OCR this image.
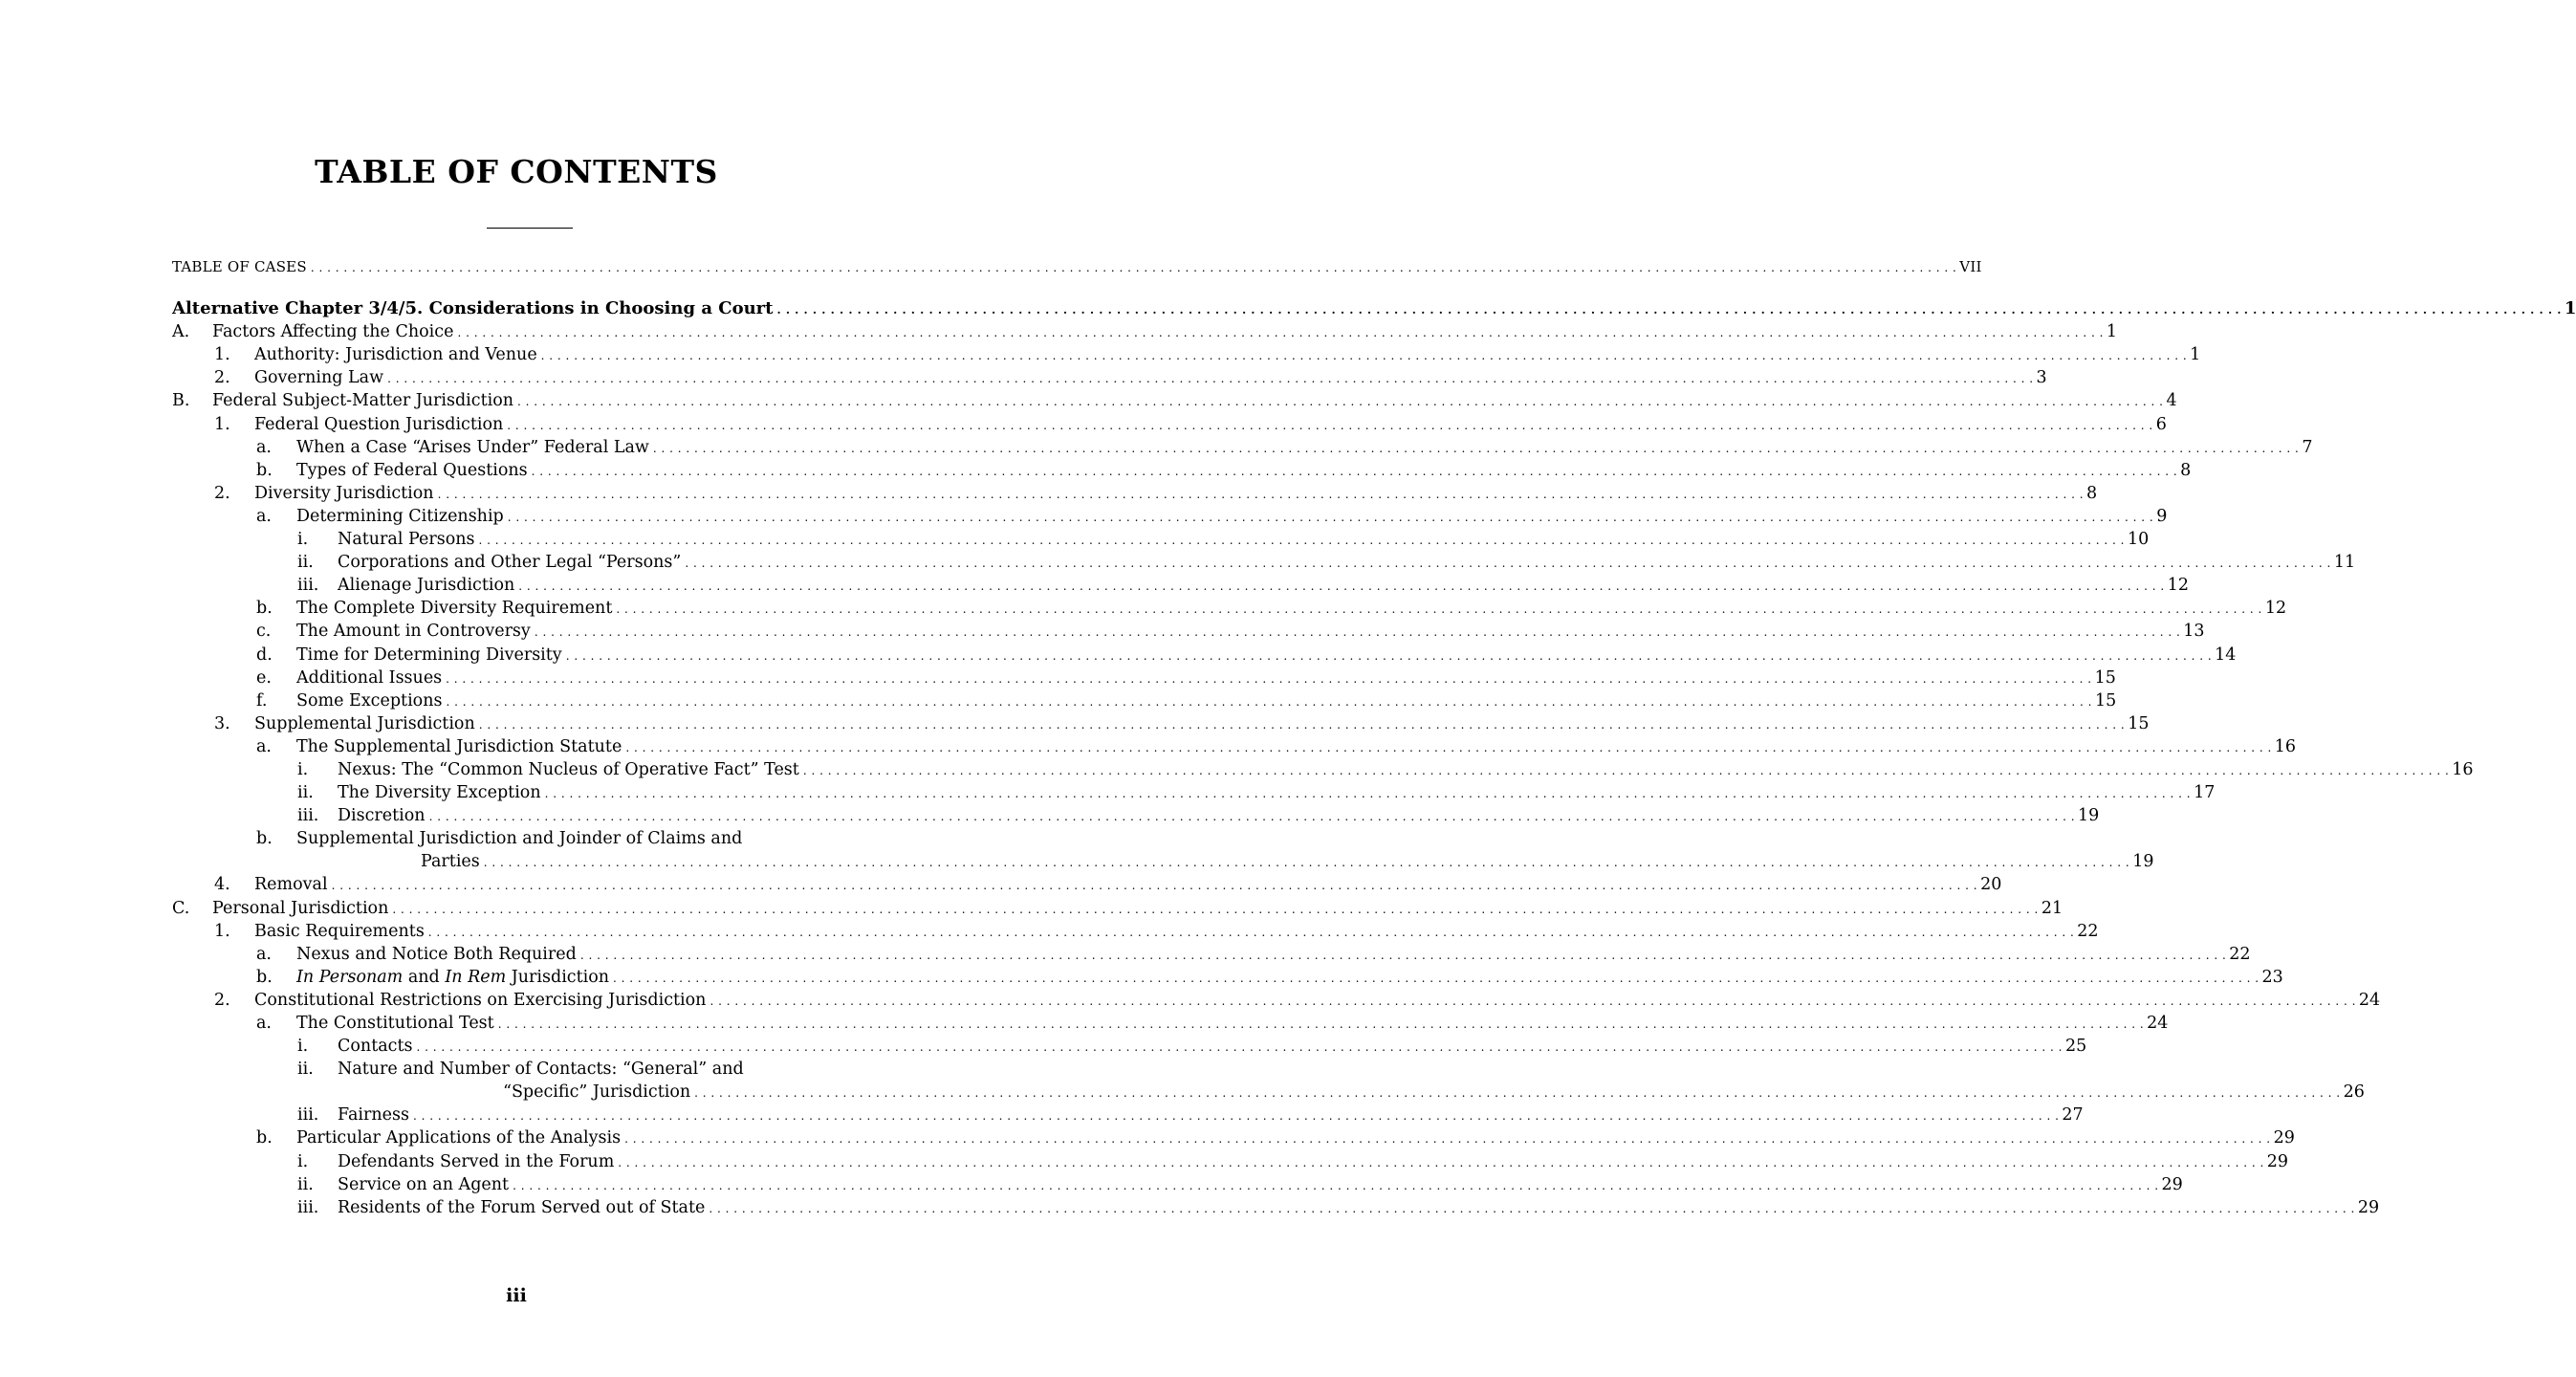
TABLE OF CONTENTS
TABLE OF CASES . . . . . . . . . . . . . . . . . . . . . . . . . . . . . . . . . . . . . . . . . . . . . . . . . . . . . . . . . . . . . . . . . . . . . . . . . . . . . . . . . . . . . . . . . . . . . . . . . . . . . . . . . . . . . . . . . . . . . . . . . . . . . . . . . . . . . . . . . . . . . . . . . . . . . . . . . . . . . . . . . . . . . . . . . . . . . . . . . . . . . . . . . . . . . . . . . . . . . . . . VII
Alternative Chapter 3/4/5. Considerations in Choosing a Court . . . . . . . . . . . . . . . . . . . . . . . . . . . . . . . . . . . . . . . . . . . . . . . . . . . . . . . . . . . . . . . . . . . . . . . . . . . . . . . . . . . . . . . . . . . . . . . . . . . . . . . . . . . . . . . . . . . . . . . . . . . . . . . . . . . . . . . . . . . . . . . . . . . . . . . . . . . . . . . . . . . . . . . . . . . . . . . . . . . . . . . . . . . . . . . . . . . . . . . . 1
A.	Factors Affecting the Choice . . . . . . . . . . . . . . . . . . . . . . . . . . . . . . . . . . . . . . . . . . . . . . . . . . . . . . . . . . . . . . . . . . . . . . . . . . . . . . . . . . . . . . . . . . . . . . . . . . . . . . . . . . . . . . . . . . . . . . . . . . . . . . . . . . . . . . . . . . . . . . . . . . . . . . . . . . . . . . . . . . . . . . . . . . . . . . . . . . . . . . . . . . . . . . . . . . . . . . . . 1
1.	Authority: Jurisdiction and Venue . . . . . . . . . . . . . . . . . . . . . . . . . . . . . . . . . . . . . . . . . . . . . . . . . . . . . . . . . . . . . . . . . . . . . . . . . . . . . . . . . . . . . . . . . . . . . . . . . . . . . . . . . . . . . . . . . . . . . . . . . . . . . . . . . . . . . . . . . . . . . . . . . . . . . . . . . . . . . . . . . . . . . . . . . . . . . . . . . . . . . . . . . . . . . . . . . . . . . . . . 1
2.	Governing Law . . . . . . . . . . . . . . . . . . . . . . . . . . . . . . . . . . . . . . . . . . . . . . . . . . . . . . . . . . . . . . . . . . . . . . . . . . . . . . . . . . . . . . . . . . . . . . . . . . . . . . . . . . . . . . . . . . . . . . . . . . . . . . . . . . . . . . . . . . . . . . . . . . . . . . . . . . . . . . . . . . . . . . . . . . . . . . . . . . . . . . . . . . . . . . . . . . . . . . . . 3
B.	Federal Subject-Matter Jurisdiction . . . . . . . . . . . . . . . . . . . . . . . . . . . . . . . . . . . . . . . . . . . . . . . . . . . . . . . . . . . . . . . . . . . . . . . . . . . . . . . . . . . . . . . . . . . . . . . . . . . . . . . . . . . . . . . . . . . . . . . . . . . . . . . . . . . . . . . . . . . . . . . . . . . . . . . . . . . . . . . . . . . . . . . . . . . . . . . . . . . . . . . . . . . . . . . . . . . . . . . . 4
1.	Federal Question Jurisdiction . . . . . . . . . . . . . . . . . . . . . . . . . . . . . . . . . . . . . . . . . . . . . . . . . . . . . . . . . . . . . . . . . . . . . . . . . . . . . . . . . . . . . . . . . . . . . . . . . . . . . . . . . . . . . . . . . . . . . . . . . . . . . . . . . . . . . . . . . . . . . . . . . . . . . . . . . . . . . . . . . . . . . . . . . . . . . . . . . . . . . . . . . . . . . . . . . . . . . . . . 6
a.	When a Case “Arises Under” Federal Law . . . . . . . . . . . . . . . . . . . . . . . . . . . . . . . . . . . . . . . . . . . . . . . . . . . . . . . . . . . . . . . . . . . . . . . . . . . . . . . . . . . . . . . . . . . . . . . . . . . . . . . . . . . . . . . . . . . . . . . . . . . . . . . . . . . . . . . . . . . . . . . . . . . . . . . . . . . . . . . . . . . . . . . . . . . . . . . . . . . . . . . . . . . . . . . . . . . . . . . . 7
b.	Types of Federal Questions . . . . . . . . . . . . . . . . . . . . . . . . . . . . . . . . . . . . . . . . . . . . . . . . . . . . . . . . . . . . . . . . . . . . . . . . . . . . . . . . . . . . . . . . . . . . . . . . . . . . . . . . . . . . . . . . . . . . . . . . . . . . . . . . . . . . . . . . . . . . . . . . . . . . . . . . . . . . . . . . . . . . . . . . . . . . . . . . . . . . . . . . . . . . . . . . . . . . . . . . 8
2.	Diversity Jurisdiction . . . . . . . . . . . . . . . . . . . . . . . . . . . . . . . . . . . . . . . . . . . . . . . . . . . . . . . . . . . . . . . . . . . . . . . . . . . . . . . . . . . . . . . . . . . . . . . . . . . . . . . . . . . . . . . . . . . . . . . . . . . . . . . . . . . . . . . . . . . . . . . . . . . . . . . . . . . . . . . . . . . . . . . . . . . . . . . . . . . . . . . . . . . . . . . . . . . . . . . . 8
a.	Determining Citizenship . . . . . . . . . . . . . . . . . . . . . . . . . . . . . . . . . . . . . . . . . . . . . . . . . . . . . . . . . . . . . . . . . . . . . . . . . . . . . . . . . . . . . . . . . . . . . . . . . . . . . . . . . . . . . . . . . . . . . . . . . . . . . . . . . . . . . . . . . . . . . . . . . . . . . . . . . . . . . . . . . . . . . . . . . . . . . . . . . . . . . . . . . . . . . . . . . . . . . . . . 9
i.	Natural Persons . . . . . . . . . . . . . . . . . . . . . . . . . . . . . . . . . . . . . . . . . . . . . . . . . . . . . . . . . . . . . . . . . . . . . . . . . . . . . . . . . . . . . . . . . . . . . . . . . . . . . . . . . . . . . . . . . . . . . . . . . . . . . . . . . . . . . . . . . . . . . . . . . . . . . . . . . . . . . . . . . . . . . . . . . . . . . . . . . . . . . . . . . . . . . . . . . . . . . . . . 10
ii.	Corporations and Other Legal “Persons” . . . . . . . . . . . . . . . . . . . . . . . . . . . . . . . . . . . . . . . . . . . . . . . . . . . . . . . . . . . . . . . . . . . . . . . . . . . . . . . . . . . . . . . . . . . . . . . . . . . . . . . . . . . . . . . . . . . . . . . . . . . . . . . . . . . . . . . . . . . . . . . . . . . . . . . . . . . . . . . . . . . . . . . . . . . . . . . . . . . . . . . . . . . . . . . . . . . . . . . . 11
iii.	Alienage Jurisdiction . . . . . . . . . . . . . . . . . . . . . . . . . . . . . . . . . . . . . . . . . . . . . . . . . . . . . . . . . . . . . . . . . . . . . . . . . . . . . . . . . . . . . . . . . . . . . . . . . . . . . . . . . . . . . . . . . . . . . . . . . . . . . . . . . . . . . . . . . . . . . . . . . . . . . . . . . . . . . . . . . . . . . . . . . . . . . . . . . . . . . . . . . . . . . . . . . . . . . . . . 12
b.	The Complete Diversity Requirement . . . . . . . . . . . . . . . . . . . . . . . . . . . . . . . . . . . . . . . . . . . . . . . . . . . . . . . . . . . . . . . . . . . . . . . . . . . . . . . . . . . . . . . . . . . . . . . . . . . . . . . . . . . . . . . . . . . . . . . . . . . . . . . . . . . . . . . . . . . . . . . . . . . . . . . . . . . . . . . . . . . . . . . . . . . . . . . . . . . . . . . . . . . . . . . . . . . . . . . . 12
c.	The Amount in Controversy . . . . . . . . . . . . . . . . . . . . . . . . . . . . . . . . . . . . . . . . . . . . . . . . . . . . . . . . . . . . . . . . . . . . . . . . . . . . . . . . . . . . . . . . . . . . . . . . . . . . . . . . . . . . . . . . . . . . . . . . . . . . . . . . . . . . . . . . . . . . . . . . . . . . . . . . . . . . . . . . . . . . . . . . . . . . . . . . . . . . . . . . . . . . . . . . . . . . . . . . 13
d.	Time for Determining Diversity . . . . . . . . . . . . . . . . . . . . . . . . . . . . . . . . . . . . . . . . . . . . . . . . . . . . . . . . . . . . . . . . . . . . . . . . . . . . . . . . . . . . . . . . . . . . . . . . . . . . . . . . . . . . . . . . . . . . . . . . . . . . . . . . . . . . . . . . . . . . . . . . . . . . . . . . . . . . . . . . . . . . . . . . . . . . . . . . . . . . . . . . . . . . . . . . . . . . . . . . 14
e.	Additional Issues . . . . . . . . . . . . . . . . . . . . . . . . . . . . . . . . . . . . . . . . . . . . . . . . . . . . . . . . . . . . . . . . . . . . . . . . . . . . . . . . . . . . . . . . . . . . . . . . . . . . . . . . . . . . . . . . . . . . . . . . . . . . . . . . . . . . . . . . . . . . . . . . . . . . . . . . . . . . . . . . . . . . . . . . . . . . . . . . . . . . . . . . . . . . . . . . . . . . . . . . 15
f.	Some Exceptions . . . . . . . . . . . . . . . . . . . . . . . . . . . . . . . . . . . . . . . . . . . . . . . . . . . . . . . . . . . . . . . . . . . . . . . . . . . . . . . . . . . . . . . . . . . . . . . . . . . . . . . . . . . . . . . . . . . . . . . . . . . . . . . . . . . . . . . . . . . . . . . . . . . . . . . . . . . . . . . . . . . . . . . . . . . . . . . . . . . . . . . . . . . . . . . . . . . . . . . . 15
3.	Supplemental Jurisdiction . . . . . . . . . . . . . . . . . . . . . . . . . . . . . . . . . . . . . . . . . . . . . . . . . . . . . . . . . . . . . . . . . . . . . . . . . . . . . . . . . . . . . . . . . . . . . . . . . . . . . . . . . . . . . . . . . . . . . . . . . . . . . . . . . . . . . . . . . . . . . . . . . . . . . . . . . . . . . . . . . . . . . . . . . . . . . . . . . . . . . . . . . . . . . . . . . . . . . . . . 15
a.	The Supplemental Jurisdiction Statute . . . . . . . . . . . . . . . . . . . . . . . . . . . . . . . . . . . . . . . . . . . . . . . . . . . . . . . . . . . . . . . . . . . . . . . . . . . . . . . . . . . . . . . . . . . . . . . . . . . . . . . . . . . . . . . . . . . . . . . . . . . . . . . . . . . . . . . . . . . . . . . . . . . . . . . . . . . . . . . . . . . . . . . . . . . . . . . . . . . . . . . . . . . . . . . . . . . . . . . . 16
i.	Nexus: The “Common Nucleus of Operative Fact” Test . . . . . . . . . . . . . . . . . . . . . . . . . . . . . . . . . . . . . . . . . . . . . . . . . . . . . . . . . . . . . . . . . . . . . . . . . . . . . . . . . . . . . . . . . . . . . . . . . . . . . . . . . . . . . . . . . . . . . . . . . . . . . . . . . . . . . . . . . . . . . . . . . . . . . . . . . . . . . . . . . . . . . . . . . . . . . . . . . . . . . . . . . . . . . . . . . . . . . . . . 16
ii.	The Diversity Exception . . . . . . . . . . . . . . . . . . . . . . . . . . . . . . . . . . . . . . . . . . . . . . . . . . . . . . . . . . . . . . . . . . . . . . . . . . . . . . . . . . . . . . . . . . . . . . . . . . . . . . . . . . . . . . . . . . . . . . . . . . . . . . . . . . . . . . . . . . . . . . . . . . . . . . . . . . . . . . . . . . . . . . . . . . . . . . . . . . . . . . . . . . . . . . . . . . . . . . . . 17
iii.	Discretion . . . . . . . . . . . . . . . . . . . . . . . . . . . . . . . . . . . . . . . . . . . . . . . . . . . . . . . . . . . . . . . . . . . . . . . . . . . . . . . . . . . . . . . . . . . . . . . . . . . . . . . . . . . . . . . . . . . . . . . . . . . . . . . . . . . . . . . . . . . . . . . . . . . . . . . . . . . . . . . . . . . . . . . . . . . . . . . . . . . . . . . . . . . . . . . . . . . . . . . . 19
b.	Supplemental Jurisdiction and Joinder of Claims and
Parties . . . . . . . . . . . . . . . . . . . . . . . . . . . . . . . . . . . . . . . . . . . . . . . . . . . . . . . . . . . . . . . . . . . . . . . . . . . . . . . . . . . . . . . . . . . . . . . . . . . . . . . . . . . . . . . . . . . . . . . . . . . . . . . . . . . . . . . . . . . . . . . . . . . . . . . . . . . . . . . . . . . . . . . . . . . . . . . . . . . . . . . . . . . . . . . . . . . . . . . . 19
4.	Removal . . . . . . . . . . . . . . . . . . . . . . . . . . . . . . . . . . . . . . . . . . . . . . . . . . . . . . . . . . . . . . . . . . . . . . . . . . . . . . . . . . . . . . . . . . . . . . . . . . . . . . . . . . . . . . . . . . . . . . . . . . . . . . . . . . . . . . . . . . . . . . . . . . . . . . . . . . . . . . . . . . . . . . . . . . . . . . . . . . . . . . . . . . . . . . . . . . . . . . . . 20
C.	Personal Jurisdiction . . . . . . . . . . . . . . . . . . . . . . . . . . . . . . . . . . . . . . . . . . . . . . . . . . . . . . . . . . . . . . . . . . . . . . . . . . . . . . . . . . . . . . . . . . . . . . . . . . . . . . . . . . . . . . . . . . . . . . . . . . . . . . . . . . . . . . . . . . . . . . . . . . . . . . . . . . . . . . . . . . . . . . . . . . . . . . . . . . . . . . . . . . . . . . . . . . . . . . . . 21
1.	Basic Requirements . . . . . . . . . . . . . . . . . . . . . . . . . . . . . . . . . . . . . . . . . . . . . . . . . . . . . . . . . . . . . . . . . . . . . . . . . . . . . . . . . . . . . . . . . . . . . . . . . . . . . . . . . . . . . . . . . . . . . . . . . . . . . . . . . . . . . . . . . . . . . . . . . . . . . . . . . . . . . . . . . . . . . . . . . . . . . . . . . . . . . . . . . . . . . . . . . . . . . . . . 22
a.	Nexus and Notice Both Required . . . . . . . . . . . . . . . . . . . . . . . . . . . . . . . . . . . . . . . . . . . . . . . . . . . . . . . . . . . . . . . . . . . . . . . . . . . . . . . . . . . . . . . . . . . . . . . . . . . . . . . . . . . . . . . . . . . . . . . . . . . . . . . . . . . . . . . . . . . . . . . . . . . . . . . . . . . . . . . . . . . . . . . . . . . . . . . . . . . . . . . . . . . . . . . . . . . . . . . . 22
b.	In Personam and In Rem Jurisdiction . . . . . . . . . . . . . . . . . . . . . . . . . . . . . . . . . . . . . . . . . . . . . . . . . . . . . . . . . . . . . . . . . . . . . . . . . . . . . . . . . . . . . . . . . . . . . . . . . . . . . . . . . . . . . . . . . . . . . . . . . . . . . . . . . . . . . . . . . . . . . . . . . . . . . . . . . . . . . . . . . . . . . . . . . . . . . . . . . . . . . . . . . . . . . . . . . . . . . . . . 23
2.	Constitutional Restrictions on Exercising Jurisdiction . . . . . . . . . . . . . . . . . . . . . . . . . . . . . . . . . . . . . . . . . . . . . . . . . . . . . . . . . . . . . . . . . . . . . . . . . . . . . . . . . . . . . . . . . . . . . . . . . . . . . . . . . . . . . . . . . . . . . . . . . . . . . . . . . . . . . . . . . . . . . . . . . . . . . . . . . . . . . . . . . . . . . . . . . . . . . . . . . . . . . . . . . . . . . . . . . . . . . . . . 24
a.	The Constitutional Test . . . . . . . . . . . . . . . . . . . . . . . . . . . . . . . . . . . . . . . . . . . . . . . . . . . . . . . . . . . . . . . . . . . . . . . . . . . . . . . . . . . . . . . . . . . . . . . . . . . . . . . . . . . . . . . . . . . . . . . . . . . . . . . . . . . . . . . . . . . . . . . . . . . . . . . . . . . . . . . . . . . . . . . . . . . . . . . . . . . . . . . . . . . . . . . . . . . . . . . . 24
i.	Contacts . . . . . . . . . . . . . . . . . . . . . . . . . . . . . . . . . . . . . . . . . . . . . . . . . . . . . . . . . . . . . . . . . . . . . . . . . . . . . . . . . . . . . . . . . . . . . . . . . . . . . . . . . . . . . . . . . . . . . . . . . . . . . . . . . . . . . . . . . . . . . . . . . . . . . . . . . . . . . . . . . . . . . . . . . . . . . . . . . . . . . . . . . . . . . . . . . . . . . . . . 25
ii.	Nature and Number of Contacts: “General” and
“Specific” Jurisdiction . . . . . . . . . . . . . . . . . . . . . . . . . . . . . . . . . . . . . . . . . . . . . . . . . . . . . . . . . . . . . . . . . . . . . . . . . . . . . . . . . . . . . . . . . . . . . . . . . . . . . . . . . . . . . . . . . . . . . . . . . . . . . . . . . . . . . . . . . . . . . . . . . . . . . . . . . . . . . . . . . . . . . . . . . . . . . . . . . . . . . . . . . . . . . . . . . . . . . . . . 26
iii.	Fairness . . . . . . . . . . . . . . . . . . . . . . . . . . . . . . . . . . . . . . . . . . . . . . . . . . . . . . . . . . . . . . . . . . . . . . . . . . . . . . . . . . . . . . . . . . . . . . . . . . . . . . . . . . . . . . . . . . . . . . . . . . . . . . . . . . . . . . . . . . . . . . . . . . . . . . . . . . . . . . . . . . . . . . . . . . . . . . . . . . . . . . . . . . . . . . . . . . . . . . . . 27
b.	Particular Applications of the Analysis . . . . . . . . . . . . . . . . . . . . . . . . . . . . . . . . . . . . . . . . . . . . . . . . . . . . . . . . . . . . . . . . . . . . . . . . . . . . . . . . . . . . . . . . . . . . . . . . . . . . . . . . . . . . . . . . . . . . . . . . . . . . . . . . . . . . . . . . . . . . . . . . . . . . . . . . . . . . . . . . . . . . . . . . . . . . . . . . . . . . . . . . . . . . . . . . . . . . . . . . 29
i.	Defendants Served in the Forum . . . . . . . . . . . . . . . . . . . . . . . . . . . . . . . . . . . . . . . . . . . . . . . . . . . . . . . . . . . . . . . . . . . . . . . . . . . . . . . . . . . . . . . . . . . . . . . . . . . . . . . . . . . . . . . . . . . . . . . . . . . . . . . . . . . . . . . . . . . . . . . . . . . . . . . . . . . . . . . . . . . . . . . . . . . . . . . . . . . . . . . . . . . . . . . . . . . . . . . . 29
ii.	Service on an Agent . . . . . . . . . . . . . . . . . . . . . . . . . . . . . . . . . . . . . . . . . . . . . . . . . . . . . . . . . . . . . . . . . . . . . . . . . . . . . . . . . . . . . . . . . . . . . . . . . . . . . . . . . . . . . . . . . . . . . . . . . . . . . . . . . . . . . . . . . . . . . . . . . . . . . . . . . . . . . . . . . . . . . . . . . . . . . . . . . . . . . . . . . . . . . . . . . . . . . . . . 29
iii.	Residents of the Forum Served out of State . . . . . . . . . . . . . . . . . . . . . . . . . . . . . . . . . . . . . . . . . . . . . . . . . . . . . . . . . . . . . . . . . . . . . . . . . . . . . . . . . . . . . . . . . . . . . . . . . . . . . . . . . . . . . . . . . . . . . . . . . . . . . . . . . . . . . . . . . . . . . . . . . . . . . . . . . . . . . . . . . . . . . . . . . . . . . . . . . . . . . . . . . . . . . . . . . . . . . . . . 29
iii
